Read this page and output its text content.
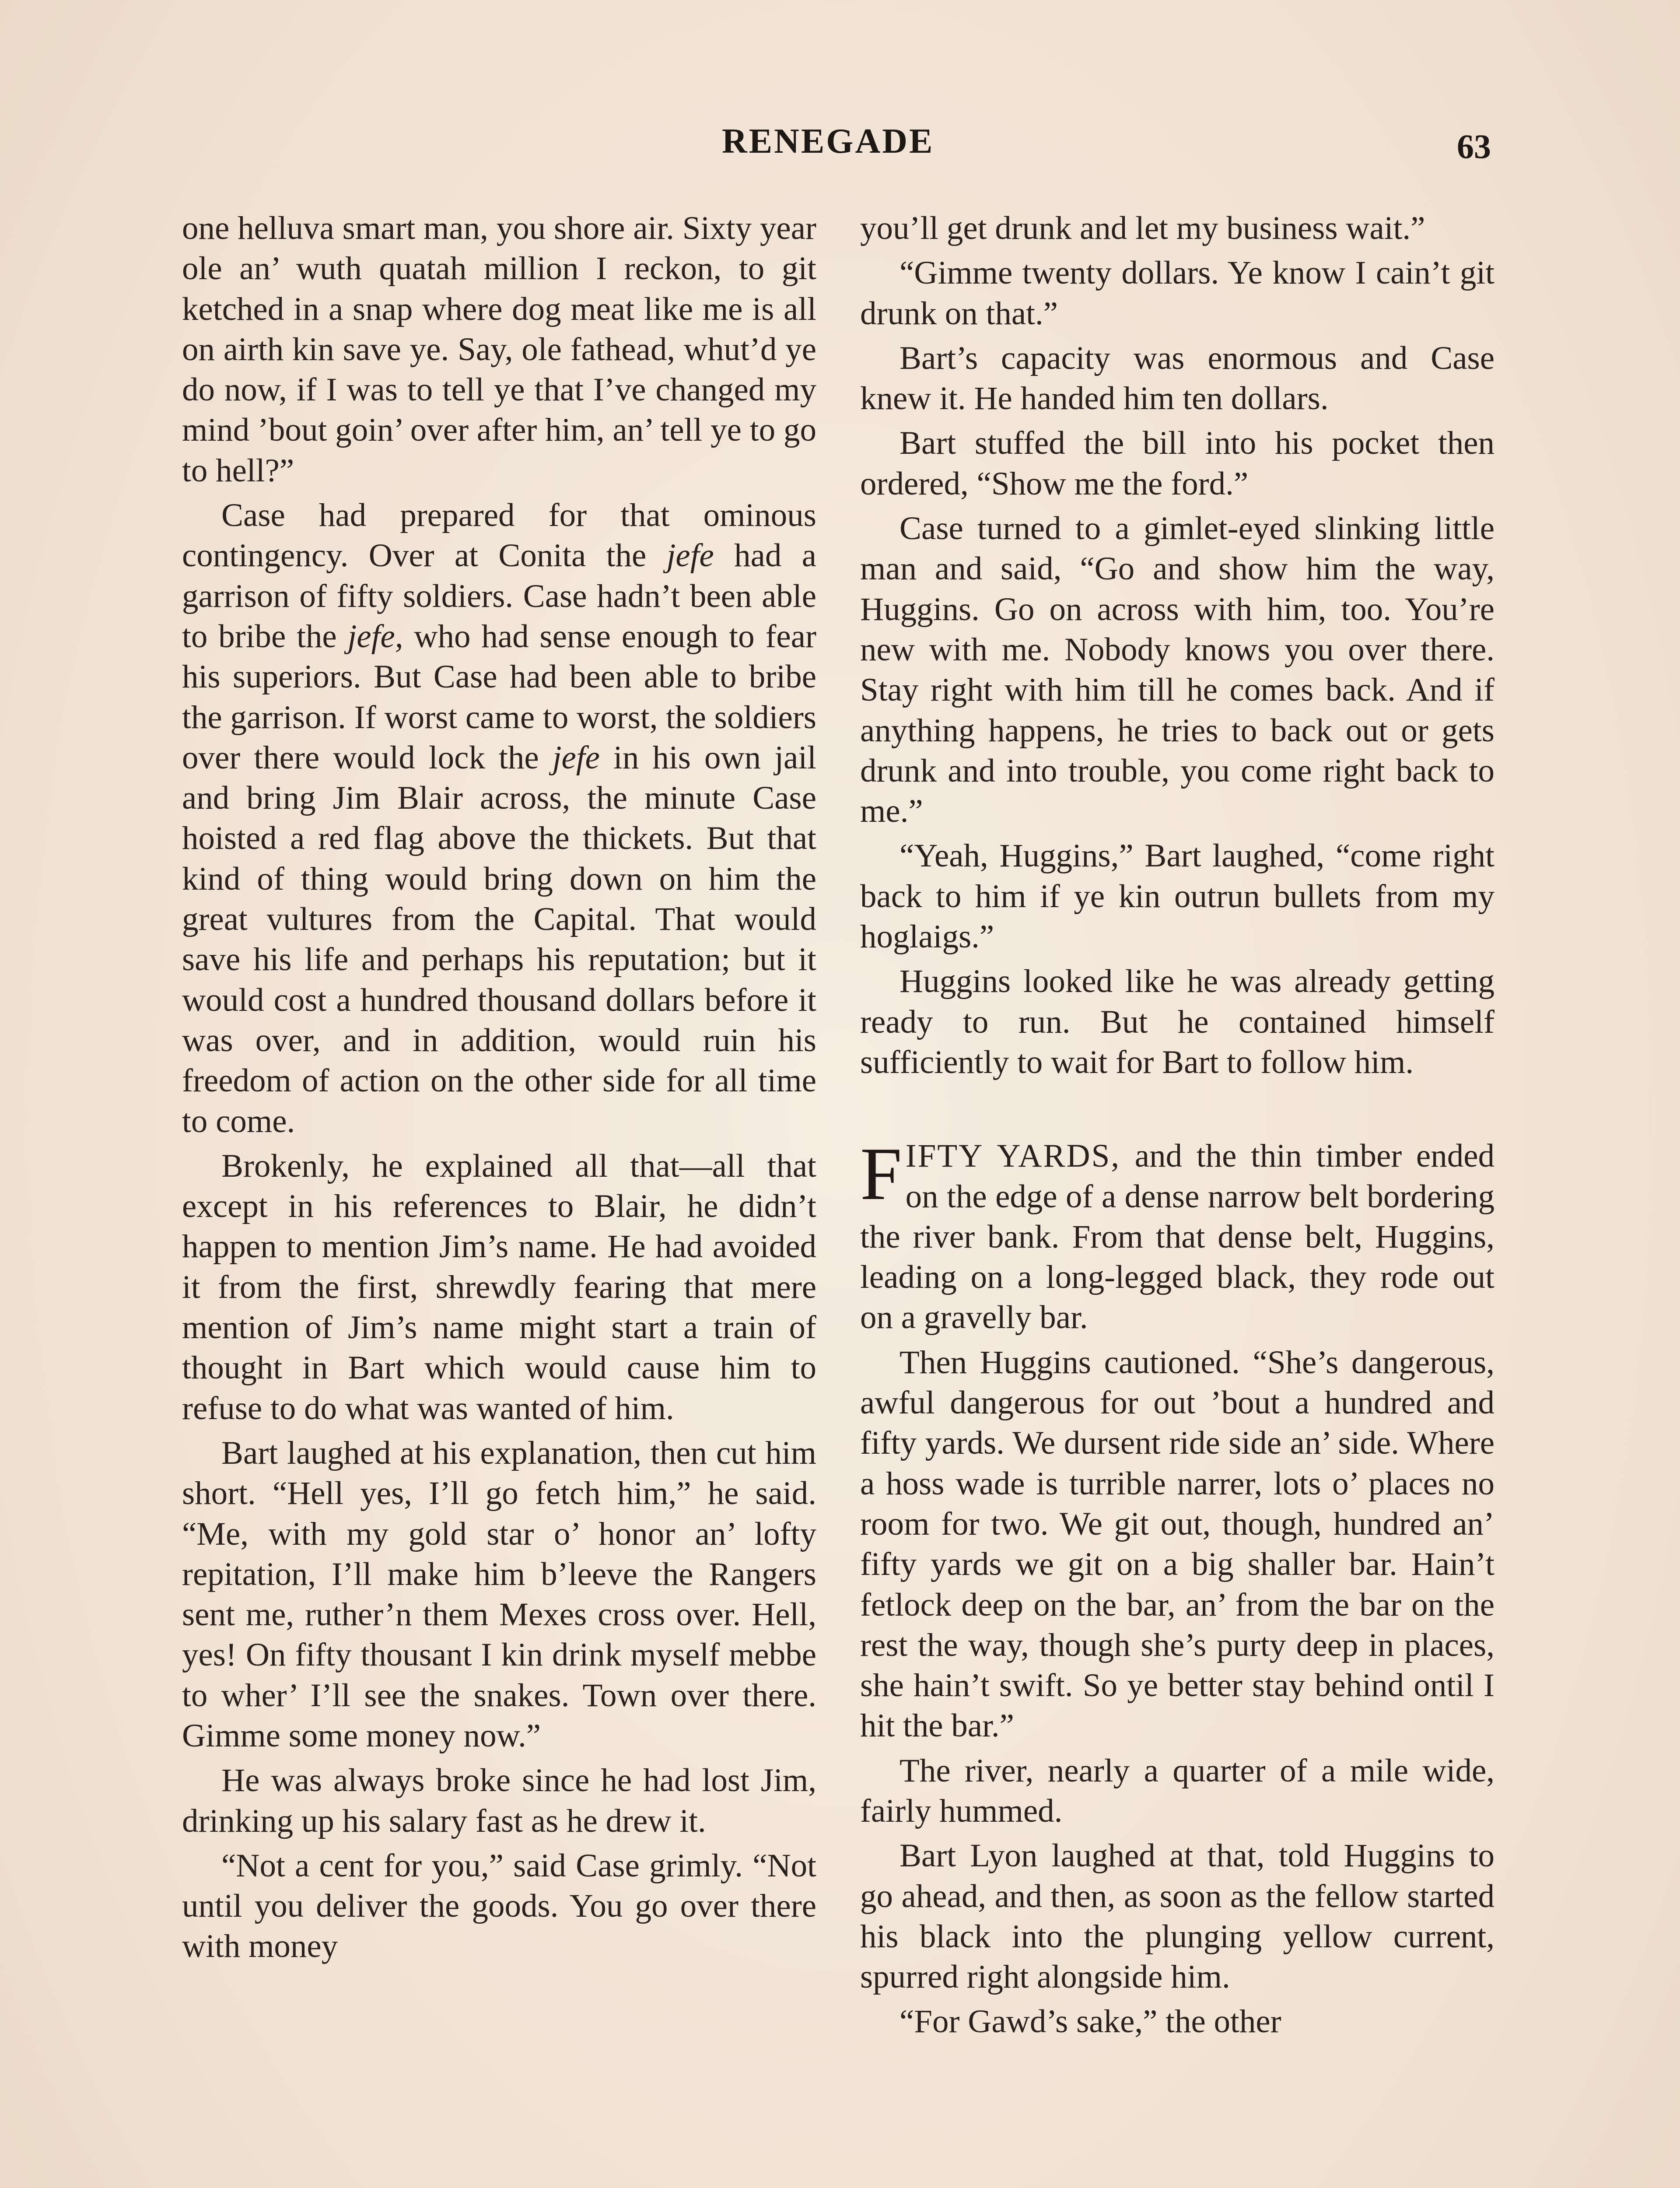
RENEGADE	63

one helluva smart man, you shore air. Sixty year ole an’ wuth quatah million I reckon, to git ketched in a snap where dog meat like me is all on airth kin save ye. Say, ole fathead, whut’d ye do now, if I was to tell ye that I’ve changed my mind ’bout goin’ over after him, an’ tell ye to go to hell?”

Case had prepared for that ominous contingency. Over at Conita the jefe had a garrison of fifty soldiers. Case hadn’t been able to bribe the jefe, who had sense enough to fear his superiors. But Case had been able to bribe the garrison. If worst came to worst, the soldiers over there would lock the jefe in his own jail and bring Jim Blair across, the minute Case hoisted a red flag above the thickets. But that kind of thing would bring down on him the great vultures from the Capital. That would save his life and perhaps his reputation; but it would cost a hundred thousand dollars before it was over, and in addition, would ruin his freedom of action on the other side for all time to come.

Brokenly, he explained all that—all that except in his references to Blair, he didn’t happen to mention Jim’s name. He had avoided it from the first, shrewdly fearing that mere mention of Jim’s name might start a train of thought in Bart which would cause him to refuse to do what was wanted of him.

Bart laughed at his explanation, then cut him short. “Hell yes, I’ll go fetch him,” he said. “Me, with my gold star o’ honor an’ lofty repitation, I’ll make him b’leeve the Rangers sent me, ruther’n them Mexes cross over. Hell, yes! On fifty thousant I kin drink myself mebbe to wher’ I’ll see the snakes. Town over there. Gimme some money now.”

He was always broke since he had lost Jim, drinking up his salary fast as he drew it.

“Not a cent for you,” said Case grimly. “Not until you deliver the goods. You go over there with money

you’ll get drunk and let my business wait.”

“Gimme twenty dollars. Ye know I cain’t git drunk on that.”

Bart’s capacity was enormous and Case knew it. He handed him ten dollars.

Bart stuffed the bill into his pocket then ordered, “Show me the ford.”

Case turned to a gimlet-eyed slinking little man and said, “Go and show him the way, Huggins. Go on across with him, too. You’re new with me. Nobody knows you over there. Stay right with him till he comes back. And if anything happens, he tries to back out or gets drunk and into trouble, you come right back to me.”

“Yeah, Huggins,” Bart laughed, “come right back to him if ye kin outrun bullets from my hoglaigs.”

Huggins looked like he was already getting ready to run. But he contained himself sufficiently to wait for Bart to follow him.

FIFTY YARDS, and the thin timber ended on the edge of a dense narrow belt bordering the river bank. From that dense belt, Huggins, leading on a long-legged black, they rode out on a gravelly bar.

Then Huggins cautioned. “She’s dangerous, awful dangerous for out ’bout a hundred and fifty yards. We dursent ride side an’ side. Where a hoss wade is turrible narrer, lots o’ places no room for two. We git out, though, hundred an’ fifty yards we git on a big shaller bar. Hain’t fetlock deep on the bar, an’ from the bar on the rest the way, though she’s purty deep in places, she hain’t swift. So ye better stay behind ontil I hit the bar.”

The river, nearly a quarter of a mile wide, fairly hummed.

Bart Lyon laughed at that, told Huggins to go ahead, and then, as soon as the fellow started his black into the plunging yellow current, spurred right alongside him.

“For Gawd’s sake,” the other
